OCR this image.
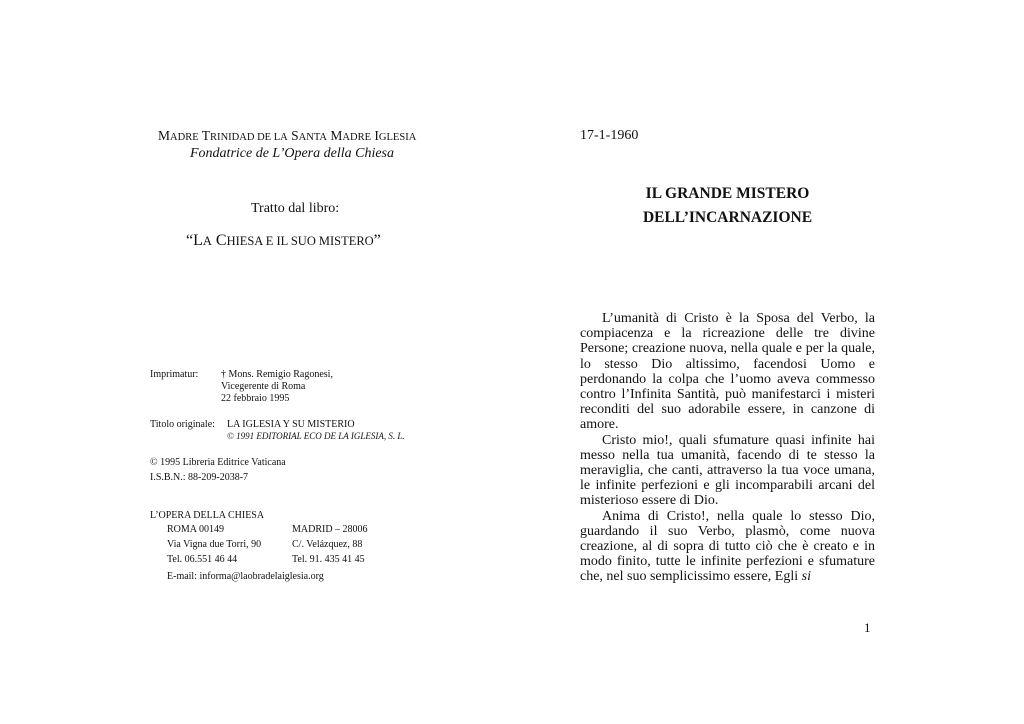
MADRE TRINIDAD DE LA SANTA MADRE IGLESIA
Fondatrice de L’Opera della Chiesa
Tratto dal libro:
“LA CHIESA E IL SUO MISTERO”
Imprimatur: † Mons. Remigio Ragonesi,
Vicegerente di Roma
22 febbraio 1995
Titolo originale: LA IGLESIA Y SU MISTERIO
© 1991 EDITORIAL ECO DE LA IGLESIA, S. L.
© 1995 Libreria Editrice Vaticana
I.S.B.N.: 88-209-2038-7
L’OPERA DELLA CHIESA
ROMA 00149
Via Vigna due Torri, 90
Tel. 06.551 46 44
MADRID – 28006
C/. Velázquez, 88
Tel. 91. 435 41 45
E-mail: informa@laobradelaiglesia.org
17-1-1960
IL GRANDE MISTERO
DELL’INCARNAZIONE

L’umanità di Cristo è la Sposa del Verbo, la compiacenza e la ricreazione delle tre divine Persone; creazione nuova, nella quale e per la quale, lo stesso Dio altissimo, facendosi Uomo e perdonando la colpa che l’uomo aveva commesso contro l’Infinita Santità, può manifestarci i misteri reconditi del suo adorabile essere, in canzone di amore.

Cristo mio!, quali sfumature quasi infinite hai messo nella tua umanità, facendo di te stesso la meraviglia, che canti, attraverso la tua voce umana, le infinite perfezioni e gli incomparabili arcani del misterioso essere di Dio.

Anima di Cristo!, nella quale lo stesso Dio, guardando il suo Verbo, plasmò, come nuova creazione, al di sopra di tutto ciò che è creato e in modo finito, tutte le infinite perfezioni e sfumature che, nel suo semplicissimo essere, Egli si

1
